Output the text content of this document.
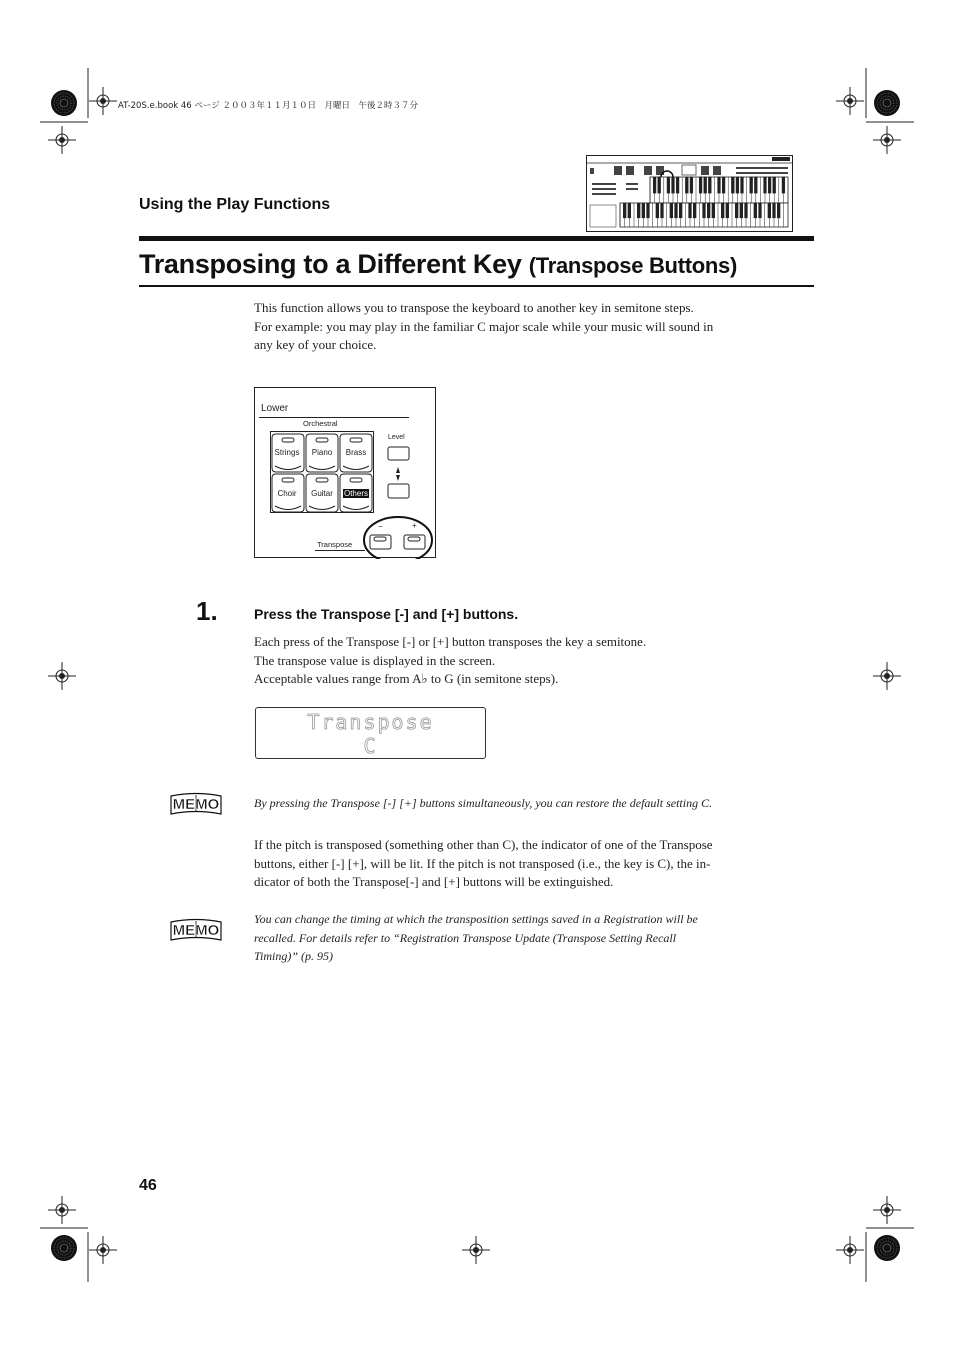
AT-20S.e.book 46 ページ ２００３年１１月１０日　月曜日　午後２時３７分
Using the Play Functions
Transposing to a Different Key (Transpose Buttons)
This function allows you to transpose the keyboard to another key in semitone steps.
For example: you may play in the familiar C major scale while your music will sound in
any key of your choice.
Lower
Orchestral
Strings	Piano	Brass
Choir	Guitar	Others
Level
−	+
Transpose
1.	Press the Transpose [-] and [+] buttons.
Each press of the Transpose [-] or [+] button transposes the key a semitone.
The transpose value is displayed in the screen.
Acceptable values range from A♭ to G (in semitone steps).
Transpose
C
MEMO	By pressing the Transpose [-] [+] buttons simultaneously, you can restore the default setting C.
If the pitch is transposed (something other than C), the indicator of one of the Transpose
buttons, either [-] [+], will be lit. If the pitch is not transposed (i.e., the key is C), the in-
dicator of both the Transpose[-] and [+] buttons will be extinguished.
MEMO
You can change the timing at which the transposition settings saved in a Registration will be
recalled. For details refer to “Registration Transpose Update (Transpose Setting Recall
Timing)” (p. 95)
46
